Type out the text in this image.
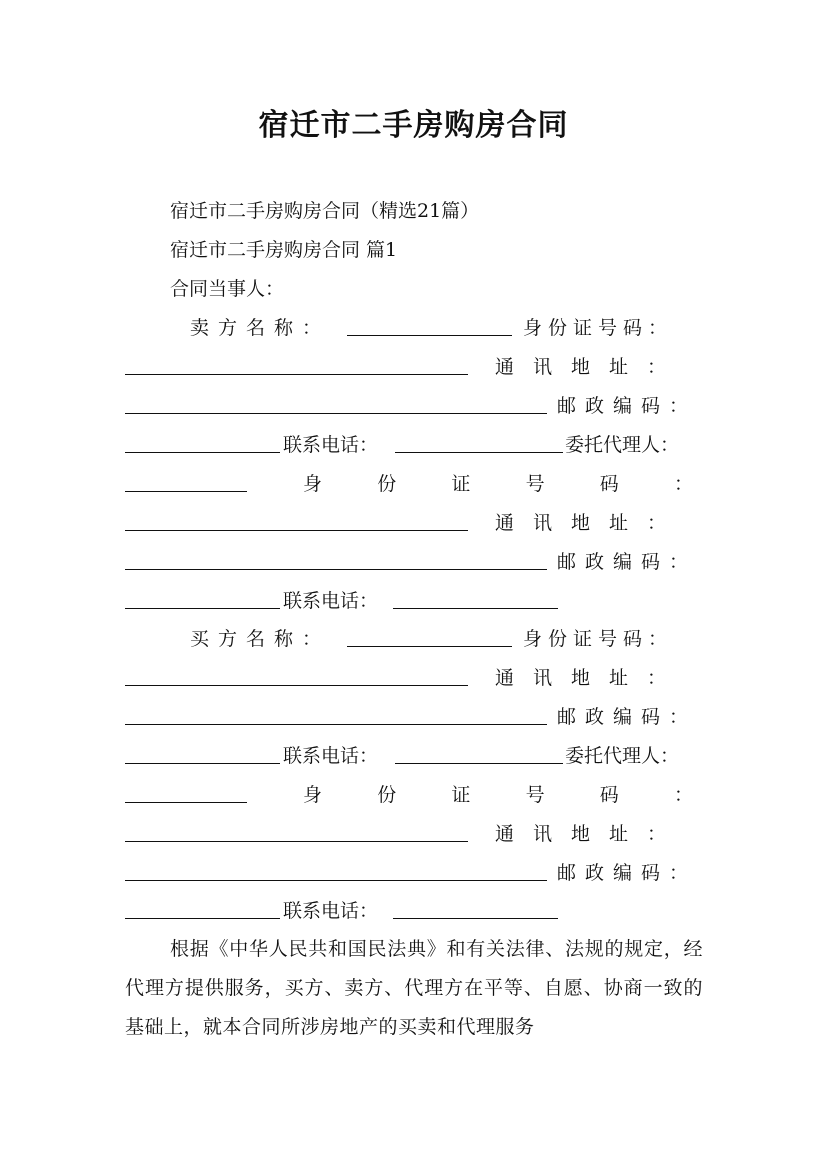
宿迁市二手房购房合同
宿迁市二手房购房合同（精选21篇）
宿迁市二手房购房合同 篇1
合同当事人：
卖方名称：	身份证号码：
通讯地址：
邮政编码：
联系电话：	委托代理人：
身	份	证	号	码	：
通讯地址：
邮政编码：
联系电话：
买方名称：	身份证号码：
通讯地址：
邮政编码：
联系电话：	委托代理人：
身	份	证	号	码	：
通讯地址：
邮政编码：
联系电话：
根据《中华人民共和国民法典》和有关法律、法规的规定，经代理方提供服务，买方、卖方、代理方在平等、自愿、协商一致的基础上，就本合同所涉房地产的买卖和代理服务
